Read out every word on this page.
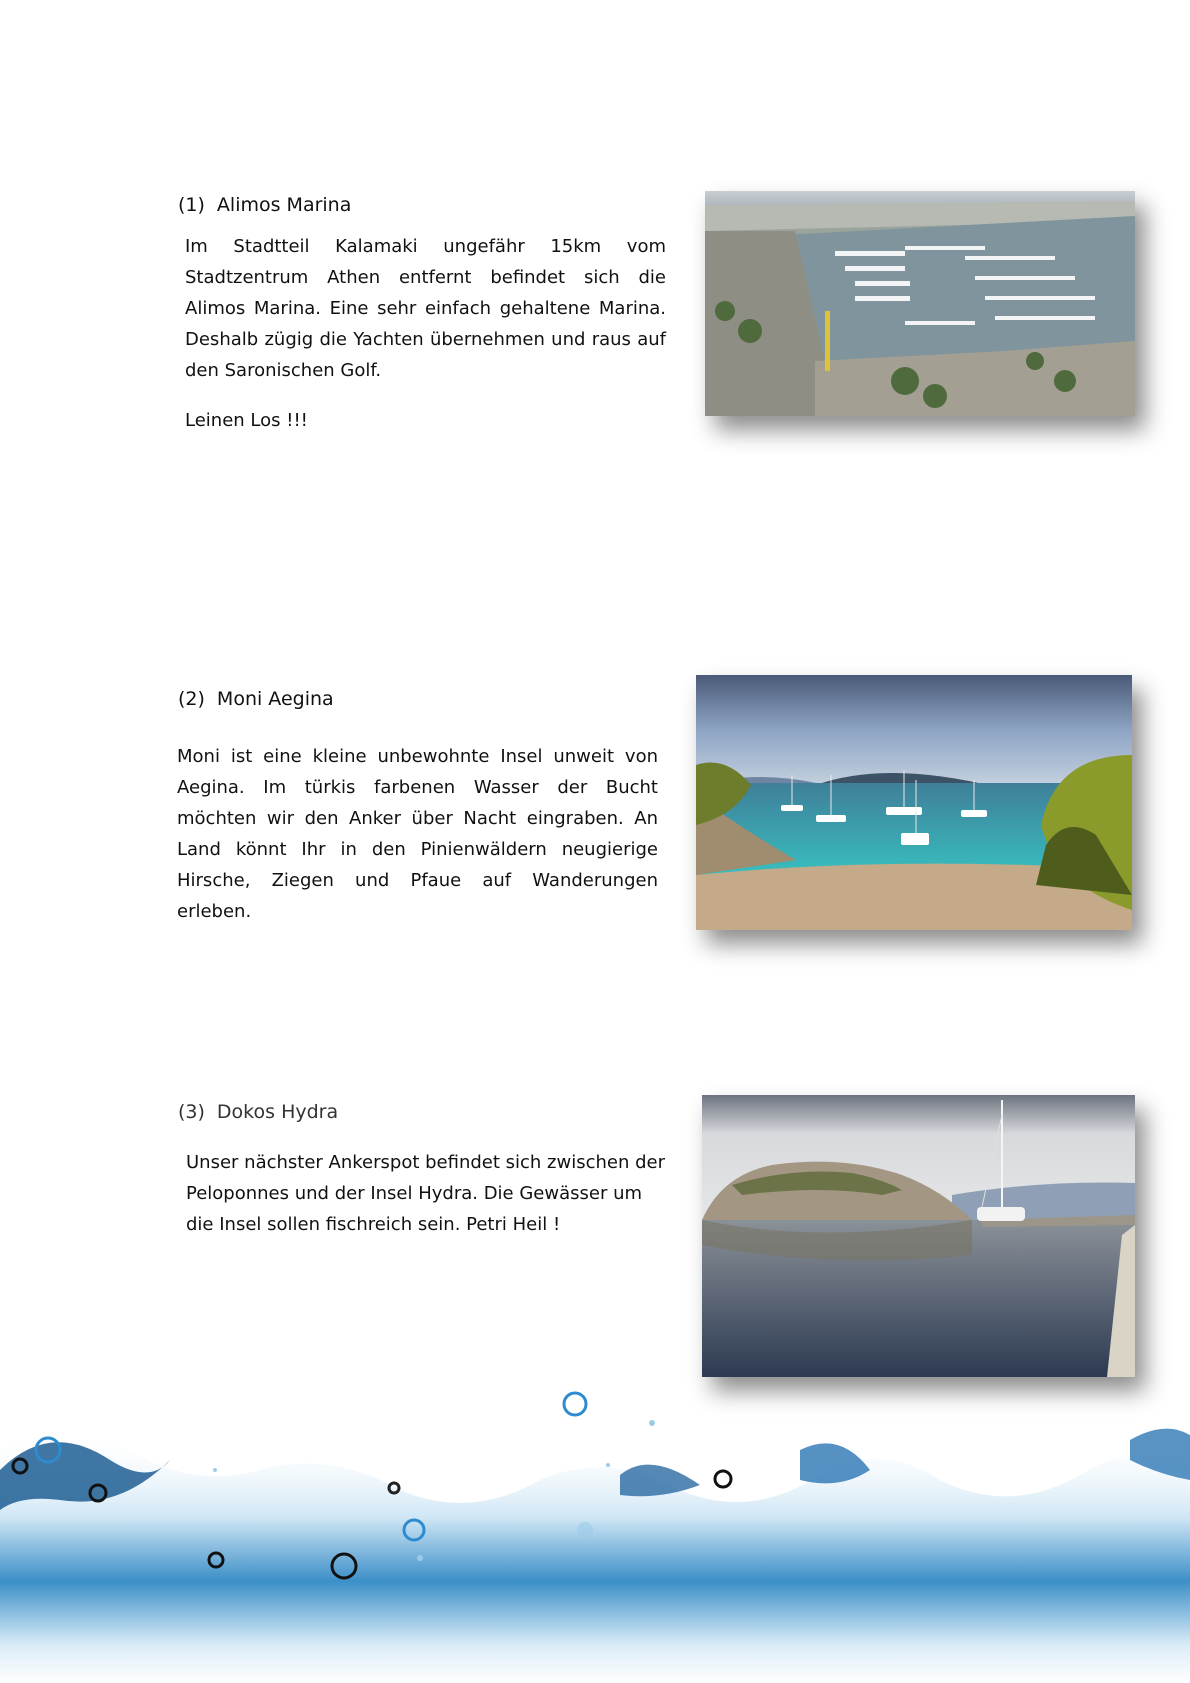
(1) Alimos Marina

Im Stadtteil Kalamaki ungefähr 15km vom Stadtzentrum Athen entfernt befindet sich die Alimos Marina. Eine sehr einfach gehaltene Marina. Deshalb zügig die Yachten übernehmen und raus auf den Saronischen Golf.

Leinen Los !!!

(2) Moni Aegina

Moni ist eine kleine unbewohnte Insel unweit von Aegina. Im türkis farbenen Wasser der Bucht möchten wir den Anker über Nacht eingraben. An Land könnt Ihr in den Pinienwäldern neugierige Hirsche, Ziegen und Pfaue auf Wanderungen erleben.

(3) Dokos Hydra

Unser nächster Ankerspot befindet sich zwischen der Peloponnes und der Insel Hydra. Die Gewässer um die Insel sollen fischreich sein. Petri Heil !
